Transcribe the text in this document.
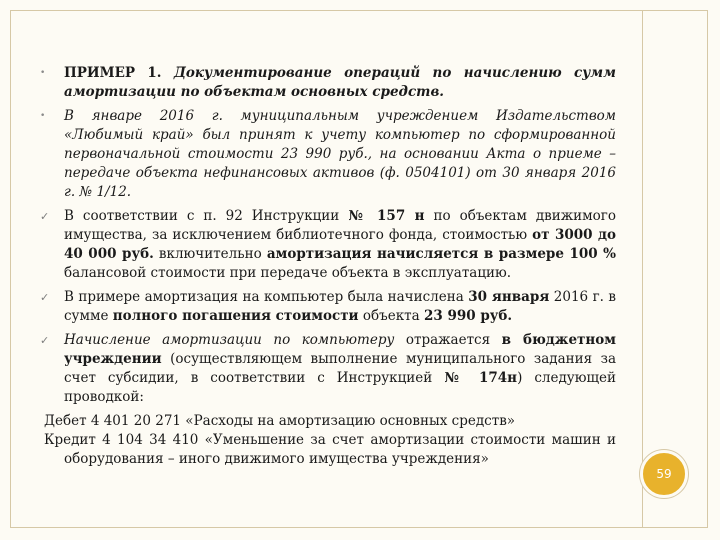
•	ПРИМЕР 1. Документирование операций по начислению сумм амортизации по объектам основных средств.
•	В январе 2016 г. муниципальным учреждением Издательством «Любимый край» был принят к учету компьютер по сформированной первоначальной стоимости 23 990 руб., на основании Акта о приеме – передаче объекта нефинансовых активов (ф. 0504101) от 30 января 2016 г. № 1/12.
✓	В соответствии с п. 92 Инструкции № 157 н по объектам движимого имущества, за исключением библиотечного фонда, стоимостью от 3000 до 40 000 руб. включительно амортизация начисляется в размере 100 % балансовой стоимости при передаче объекта в эксплуатацию.
✓	В примере амортизация на компьютер была начислена 30 января 2016 г. в сумме полного погашения стоимости объекта 23 990 руб.
✓	Начисление амортизации по компьютеру отражается в бюджетном учреждении (осуществляющем выполнение муниципального задания за счет субсидии, в соответствии с Инструкцией № 174н) следующей проводкой:

Дебет 4 401 20 271 «Расходы на амортизацию основных средств»

Кредит 4 104 34 410 «Уменьшение за счет амортизации стоимости машин и оборудования – иного движимого имущества учреждения»

59
